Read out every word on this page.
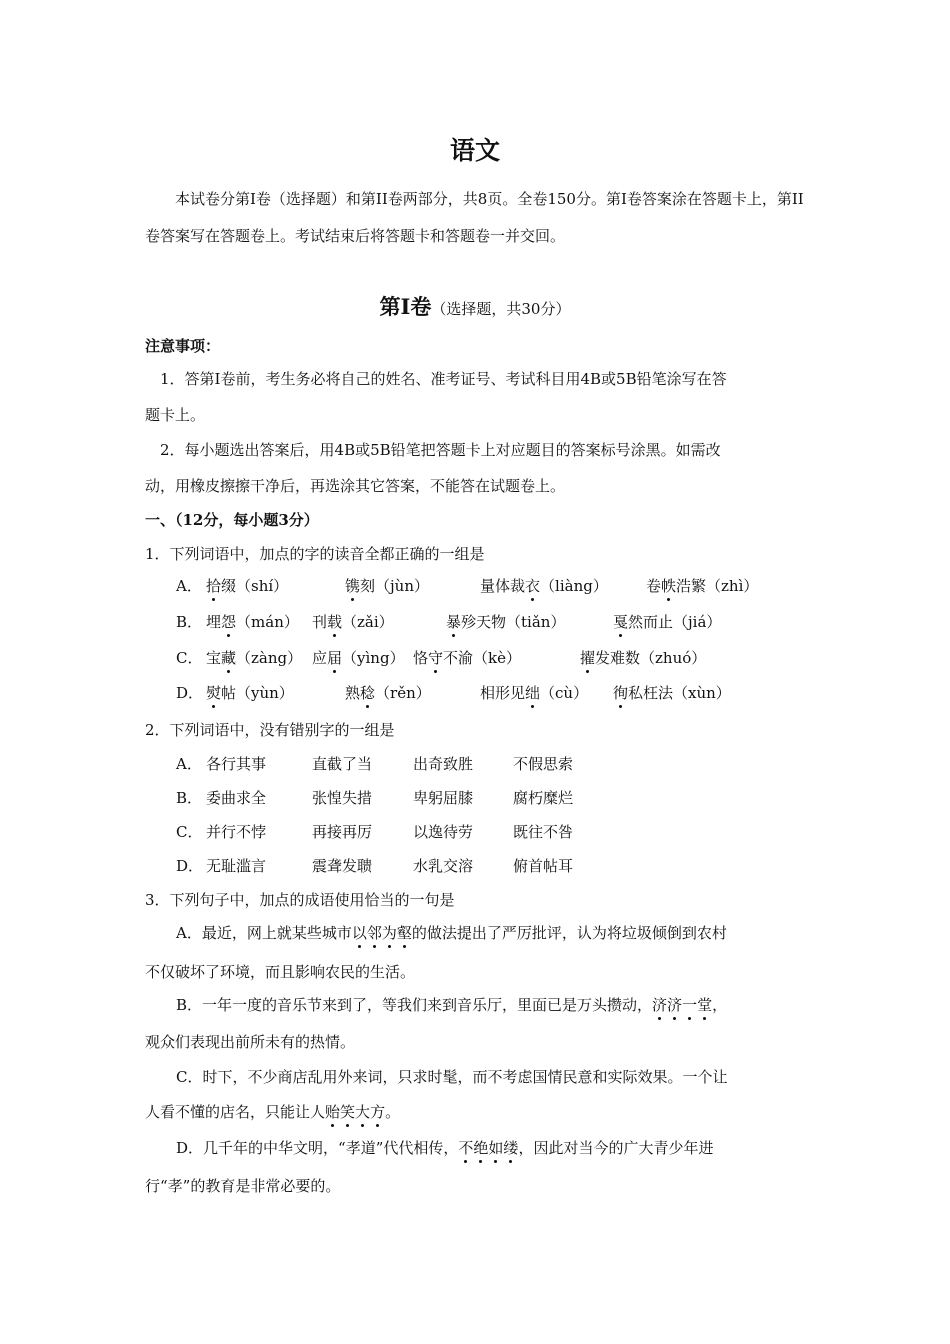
语文

本试卷分第I卷（选择题）和第II卷两部分，共8页。全卷150分。第I卷答案涂在答题卡上，第II卷答案写在答题卷上。考试结束后将答题卡和答题卷一并交回。

第I卷（选择题，共30分）
注意事项：
1．答第I卷前，考生务必将自己的姓名、准考证号、考试科目用4B或5B铅笔涂写在答
题卡上。
2．每小题选出答案后，用4B或5B铅笔把答题卡上对应题目的答案标号涂黑。如需改
动，用橡皮擦擦干净后，再选涂其它答案，不能答在试题卷上。
一、（12分，每小题3分）
1．下列词语中，加点的字的读音全都正确的一组是
A． 拾缀（shí）	镌刻（jùn）	量体裁衣（liàng）	卷帙浩繁（zhì）
B． 埋怨（mán） 刊载（zǎi）	暴殄天物（tiǎn）	戛然而止（jiá）
C． 宝藏（zàng） 应届（yìng） 恪守不渝（kè）	擢发难数（zhuó）
D． 熨帖（yùn）	熟稔（rěn）	相形见绌（cù） 徇私枉法（xùn）
2．下列词语中，没有错别字的一组是
A． 各行其事	直截了当	出奇致胜	不假思索
B． 委曲求全	张惶失措	卑躬屈膝	腐朽糜烂
C． 并行不悖	再接再厉	以逸待劳	既往不咎
D． 无耻滥言	震聋发聩	水乳交溶	俯首帖耳
3．下列句子中，加点的成语使用恰当的一句是
A．最近，网上就某些城市以邻为壑的做法提出了严厉批评，认为将垃圾倾倒到农村
不仅破坏了环境，而且影响农民的生活。
B．一年一度的音乐节来到了，等我们来到音乐厅，里面已是万头攒动，济济一堂，
观众们表现出前所未有的热情。
C．时下，不少商店乱用外来词，只求时髦，而不考虑国情民意和实际效果。一个让
人看不懂的店名，只能让人贻笑大方。
D．几千年的中华文明，“孝道”代代相传，不绝如缕，因此对当今的广大青少年进
行“孝”的教育是非常必要的。
